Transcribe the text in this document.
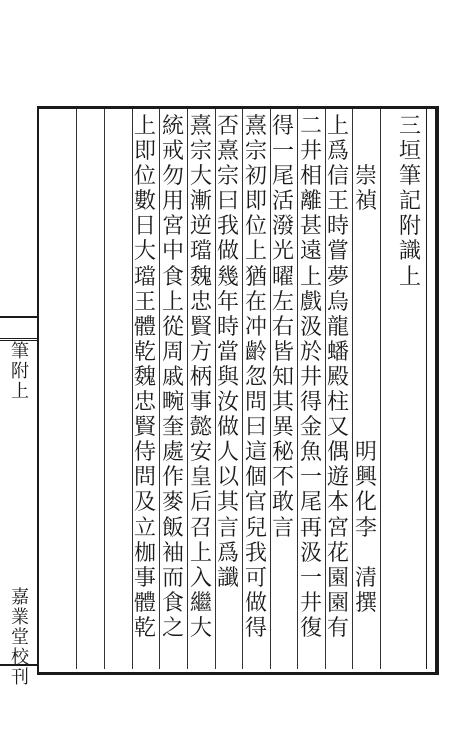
三
垣
筆
記
附
識
上
明
興
化
李

清
撰
崇
禎
上
爲
信
王
時
嘗
夢
烏
龍
蟠
殿
柱
又
偶
遊
本
宮
花
園
園
有
二
井
相
離
甚
遠
上
戲
汲
於
井
得
金
魚
一
尾
再
汲
一
井
復
得
一
尾
活
潑
光
曜
左
右
皆
知
其
異
秘
不
敢
言
熹
宗
初
即
位
上
猶
在
冲
齡
忽
問
曰
這
個
官
兒
我
可
做
得
否
熹
宗
曰
我
做
幾
年
時
當
與
汝
做
人
以
其
言
爲
讖
熹
宗
大
漸
逆
璫
魏
忠
賢
方
柄
事
懿
安
皇
后
召
上
入
繼
大
統
戒
勿
用
宮
中
食
上
從
周
戚
畹
奎
處
作
麥
飯
袖
而
食
之
上
即
位
數
日
大
璫
王
體
乾
魏
忠
賢
侍
問
及
立
枷
事
體
乾
筆
附
上
嘉
業
堂
校
刊
